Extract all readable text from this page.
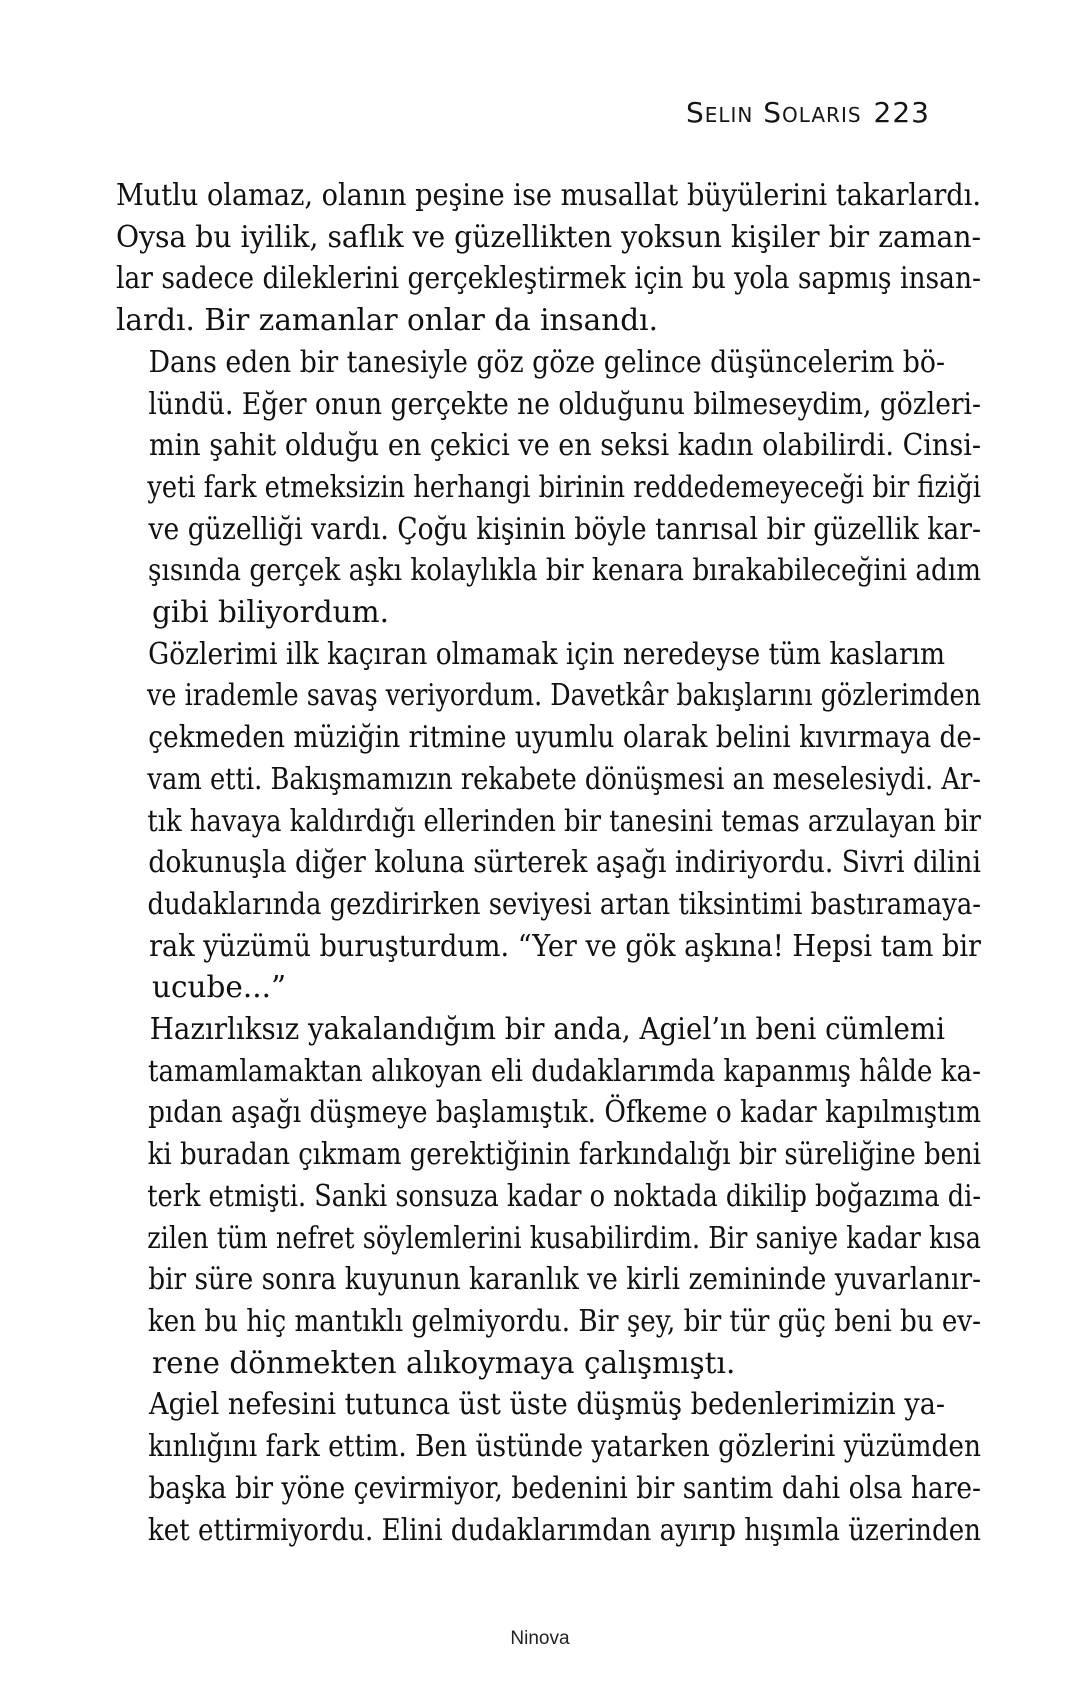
Selin Solaris 223

Mutlu olamaz, olanın peşine ise musallat büyülerini takarlardı.
Oysa bu iyilik, saflık ve güzellikten yoksun kişiler bir zaman-
lar sadece dileklerini gerçekleştirmek için bu yola sapmış insan-
lardı. Bir zamanlar onlar da insandı.

Dans eden bir tanesiyle göz göze gelince düşüncelerim bö-
lündü. Eğer onun gerçekte ne olduğunu bilmeseydim, gözleri-
min şahit olduğu en çekici ve en seksi kadın olabilirdi. Cinsi-
yeti fark etmeksizin herhangi birinin reddedemeyeceği bir fiziği
ve güzelliği vardı. Çoğu kişinin böyle tanrısal bir güzellik kar-
şısında gerçek aşkı kolaylıkla bir kenara bırakabileceğini adım
gibi biliyordum.

Gözlerimi ilk kaçıran olmamak için neredeyse tüm kaslarım
ve irademle savaş veriyordum. Davetkâr bakışlarını gözlerimden
çekmeden müziğin ritmine uyumlu olarak belini kıvırmaya de-
vam etti. Bakışmamızın rekabete dönüşmesi an meselesiydi. Ar-
tık havaya kaldırdığı ellerinden bir tanesini temas arzulayan bir
dokunuşla diğer koluna sürterek aşağı indiriyordu. Sivri dilini
dudaklarında gezdirirken seviyesi artan tiksintimi bastıramaya-
rak yüzümü buruşturdum. “Yer ve gök aşkına! Hepsi tam bir
ucube...”

Hazırlıksız yakalandığım bir anda, Agiel’ın beni cümlemi
tamamlamaktan alıkoyan eli dudaklarımda kapanmış hâlde ka-
pıdan aşağı düşmeye başlamıştık. Öfkeme o kadar kapılmıştım
ki buradan çıkmam gerektiğinin farkındalığı bir süreliğine beni
terk etmişti. Sanki sonsuza kadar o noktada dikilip boğazıma di-
zilen tüm nefret söylemlerini kusabilirdim. Bir saniye kadar kısa
bir süre sonra kuyunun karanlık ve kirli zemininde yuvarlanır-
ken bu hiç mantıklı gelmiyordu. Bir şey, bir tür güç beni bu ev-
rene dönmekten alıkoymaya çalışmıştı.

Agiel nefesini tutunca üst üste düşmüş bedenlerimizin ya-
kınlığını fark ettim. Ben üstünde yatarken gözlerini yüzümden
başka bir yöne çevirmiyor, bedenini bir santim dahi olsa hare-
ket ettirmiyordu. Elini dudaklarımdan ayırıp hışımla üzerinden

Ninova
